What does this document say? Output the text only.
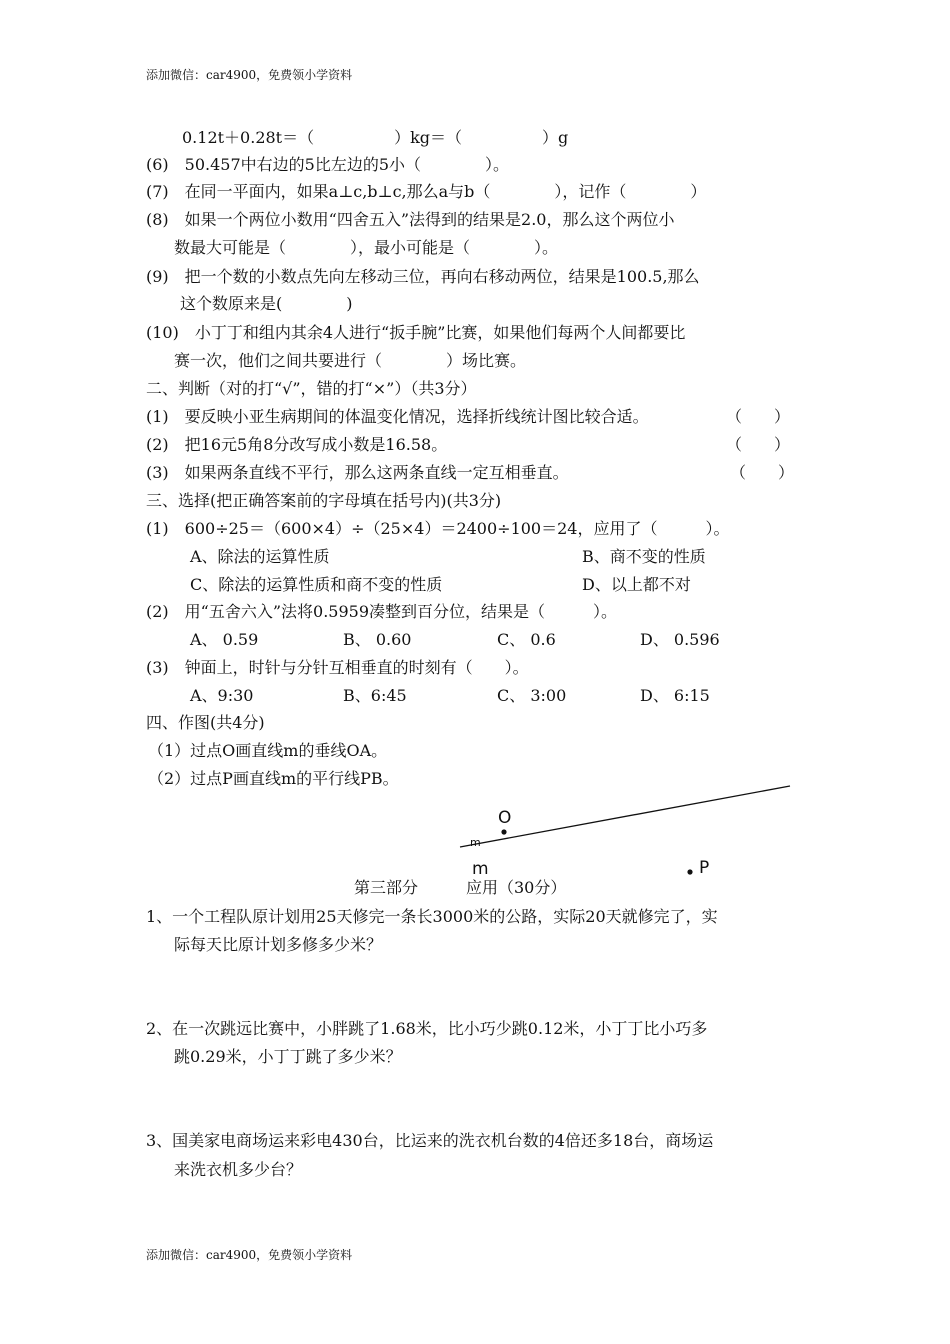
添加微信：car4900，免费领小学资料
0.12t＋0.28t＝（　　　　　）kg＝（　　　　　）g
(6)　50.457中右边的5比左边的5小（　　　　）。
(7)　在同一平面内，如果a⊥c,b⊥c,那么a与b（　　　　），记作（　　　　）
(8)　如果一个两位小数用“四舍五入”法得到的结果是2.0，那么这个两位小
数最大可能是（　　　　），最小可能是（　　　　）。
(9)　把一个数的小数点先向左移动三位，再向右移动两位，结果是100.5,那么
这个数原来是(　　　　)
(10)　小丁丁和组内其余4人进行“扳手腕”比赛，如果他们每两个人间都要比
赛一次，他们之间共要进行（　　　　）场比赛。
二、判断（对的打“√”，错的打“×”）（共3分）
(1)　要反映小亚生病期间的体温变化情况，选择折线统计图比较合适。	（　　）
(2)　把16元5角8分改写成小数是16.58。	（　　）
(3)　如果两条直线不平行，那么这两条直线一定互相垂直。	（　　）
三、选择(把正确答案前的字母填在括号内)(共3分)
(1)　600÷25＝（600×4）÷（25×4）＝2400÷100＝24，应用了（　　　）。
A、除法的运算性质	B、商不变的性质
C、除法的运算性质和商不变的性质	D、以上都不对
(2)　用“五舍六入”法将0.5959凑整到百分位，结果是（　　　）。
A、 0.59	B、 0.60	C、 0.6	D、 0.596
(3)　钟面上，时针与分针互相垂直的时刻有（　　）。
A、9:30	B、6:45	C、 3:00	D、 6:15
四、作图(共4分)
（1）过点O画直线m的垂线OA。
（2）过点P画直线m的平行线PB。
O
m
m	P
第三部分　　　应用（30分）
1、一个工程队原计划用25天修完一条长3000米的公路，实际20天就修完了，实
际每天比原计划多修多少米？
2、在一次跳远比赛中，小胖跳了1.68米，比小巧少跳0.12米，小丁丁比小巧多
跳0.29米，小丁丁跳了多少米？
3、国美家电商场运来彩电430台，比运来的洗衣机台数的4倍还多18台，商场运
来洗衣机多少台？
添加微信：car4900，免费领小学资料
